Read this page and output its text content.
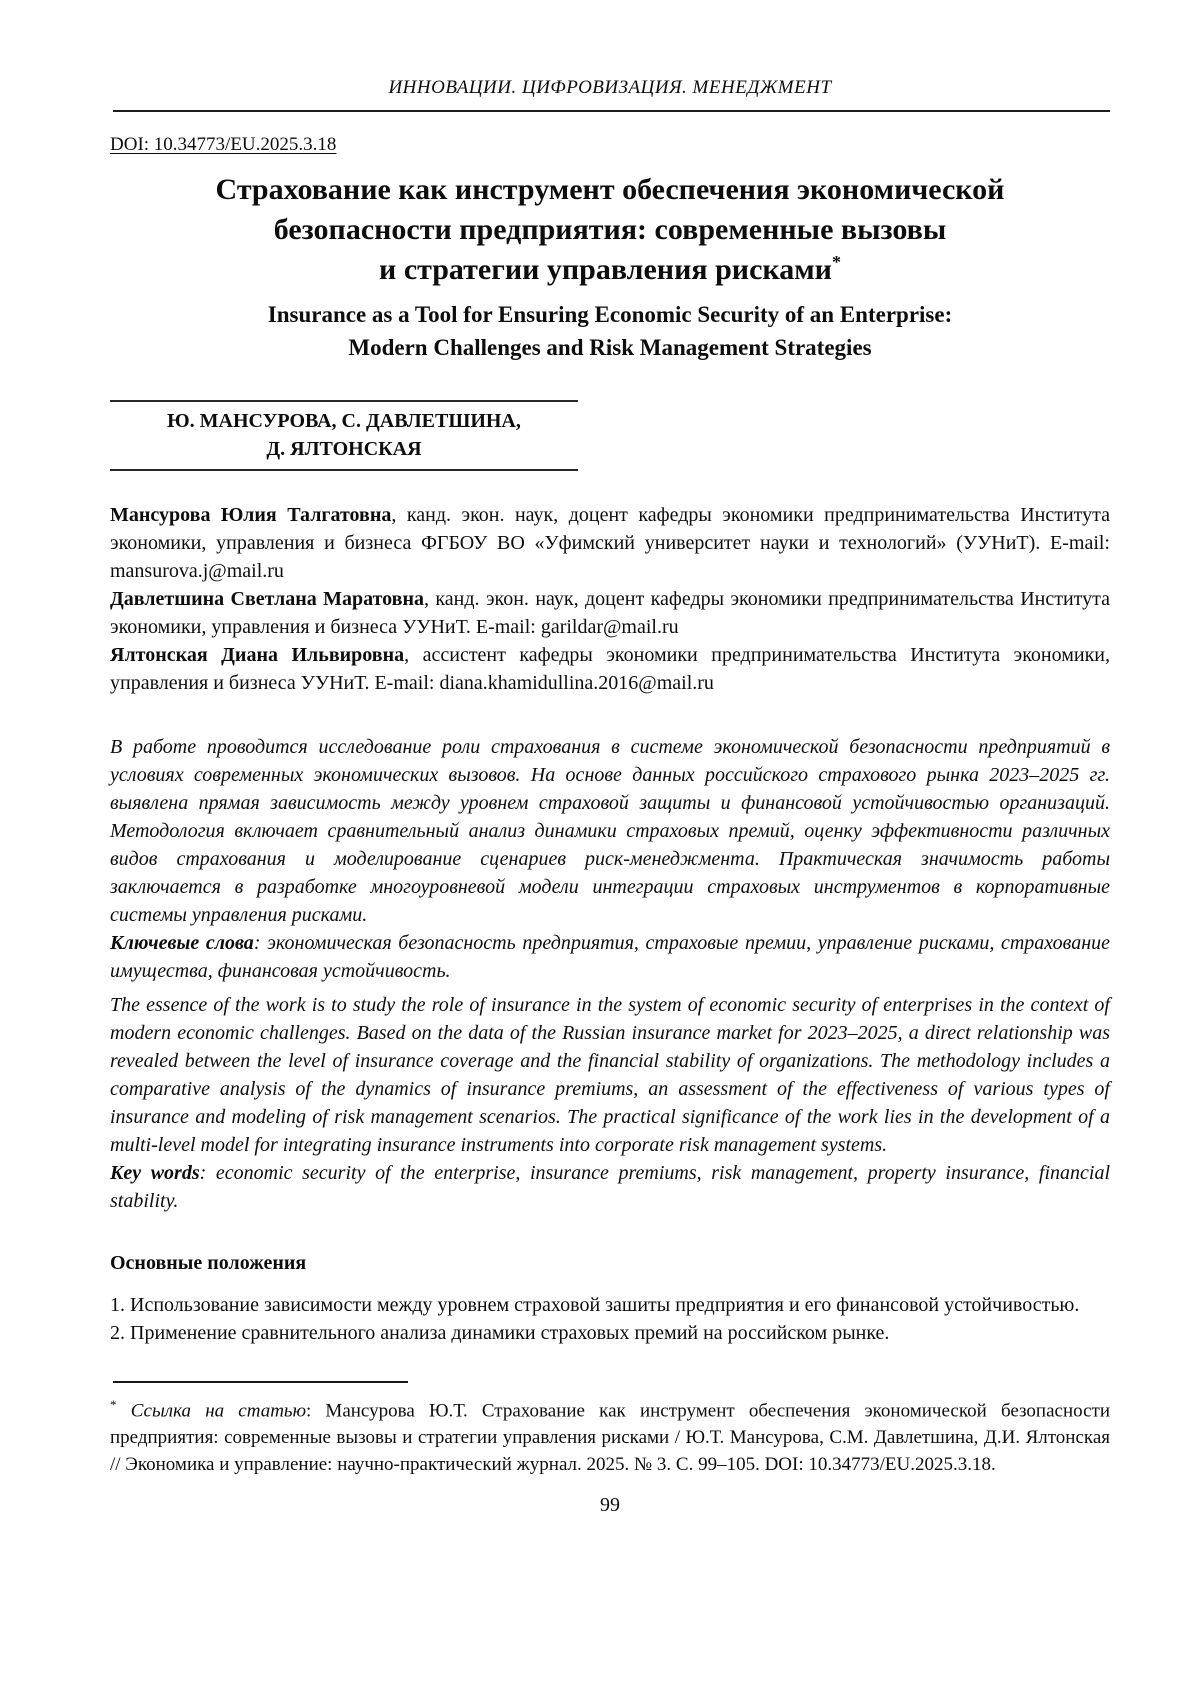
ИННОВАЦИИ. ЦИФРОВИЗАЦИЯ. МЕНЕДЖМЕНТ
DOI: 10.34773/EU.2025.3.18
Страхование как инструмент обеспечения экономической
безопасности предприятия: современные вызовы
и стратегии управления рисками*
Insurance as a Tool for Ensuring Economic Security of an Enterprise:
Modern Challenges and Risk Management Strategies
Ю. МАНСУРОВА, С. ДАВЛЕТШИНА,
Д. ЯЛТОНСКАЯ

Мансурова Юлия Талгатовна, канд. экон. наук, доцент кафедры экономики предпринимательства Института экономики, управления и бизнеса ФГБОУ ВО «Уфимский университет науки и технологий» (УУНиТ). E-mail: mansurova.j@mail.ru

Давлетшина Светлана Маратовна, канд. экон. наук, доцент кафедры экономики предпринимательства Института экономики, управления и бизнеса УУНиТ. E-mail: garildar@mail.ru

Ялтонская Диана Ильвировна, ассистент кафедры экономики предпринимательства Института экономики, управления и бизнеса УУНиТ. E-mail: diana.khamidullina.2016@mail.ru

В работе проводится исследование роли страхования в системе экономической безопасности предприятий в условиях современных экономических вызовов. На основе данных российского страхового рынка 2023–2025 гг. выявлена прямая зависимость между уровнем страховой защиты и финансовой устойчивостью организаций. Методология включает сравнительный анализ динамики страховых премий, оценку эффективности различных видов страхования и моделирование сценариев риск-менеджмента. Практическая значимость работы заключается в разработке многоуровневой модели интеграции страховых инструментов в корпоративные системы управления рисками.

Ключевые слова: экономическая безопасность предприятия, страховые премии, управление рисками, страхование имущества, финансовая устойчивость.

The essence of the work is to study the role of insurance in the system of economic security of enterprises in the context of modern economic challenges. Based on the data of the Russian insurance market for 2023–2025, a direct relationship was revealed between the level of insurance coverage and the financial stability of organizations. The methodology includes a comparative analysis of the dynamics of insurance premiums, an assessment of the effectiveness of various types of insurance and modeling of risk management scenarios. The practical significance of the work lies in the development of a multi-level model for integrating insurance instruments into corporate risk management systems.

Key words: economic security of the enterprise, insurance premiums, risk management, property insurance, financial stability.

Основные положения

1. Использование зависимости между уровнем страховой зашиты предприятия и его финансовой устойчивостью.

2. Применение сравнительного анализа динамики страховых премий на российском рынке.

* Ссылка на статью: Мансурова Ю.Т. Страхование как инструмент обеспечения экономической безопасности предприятия: современные вызовы и стратегии управления рисками / Ю.Т. Мансурова, С.М. Давлетшина, Д.И. Ялтонская // Экономика и управление: научно-практический журнал. 2025. № 3. С. 99–105. DOI: 10.34773/EU.2025.3.18.

99
